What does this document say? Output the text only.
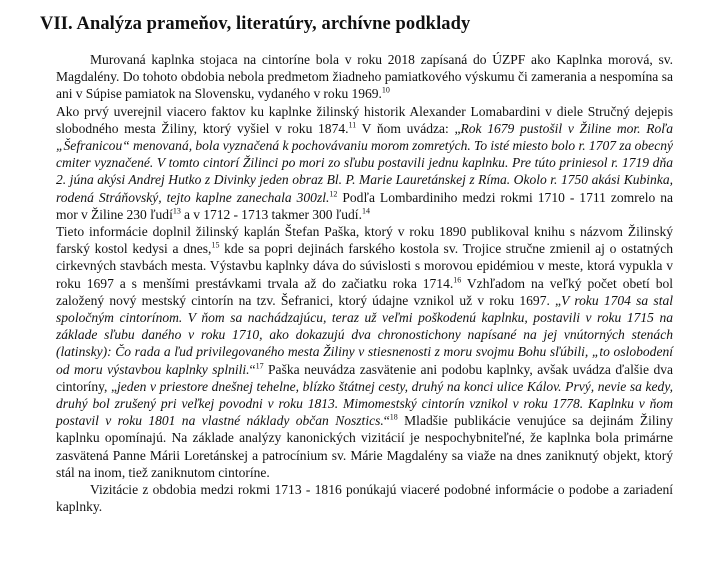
VII. Analýza prameňov, literatúry, archívne podklady

Murovaná kaplnka stojaca na cintoríne bola v roku 2018 zapísaná do ÚZPF ako Kaplnka morová, sv. Magdalény. Do tohoto obdobia nebola predmetom žiadneho pamiatkového výskumu či zamerania a nespomína sa ani v Súpise pamiatok na Slovensku, vydaného v roku 1969.10

Ako prvý uverejnil viacero faktov ku kaplnke žilinský historik Alexander Lomabardini v diele Stručný dejepis slobodného mesta Žiliny, ktorý vyšiel v roku 1874.11 V ňom uvádza: „Rok 1679 pustošil v Žiline mor. Roľa „Šefranicou“ menovaná, bola vyznačená k pochovávaniu morom zomretých. To isté miesto bolo r. 1707 za obecný cmiter vyznačené. V tomto cintorí Žilinci po mori zo sľubu postavili jednu kaplnku. Pre túto priniesol r. 1719 dňa 2. júna akýsi Andrej Hutko z Divinky jeden obraz Bl. P. Marie Lauretánskej z Ríma. Okolo r. 1750 akási Kubinka, rodená Stráňovský, tejto kaplne zanechala 300zl.$^{12}$ Podľa Lombardiniho medzi rokmi 1710 - 1711 zomrelo na mor v Žiline 230 ľudí$^{13}$ a v 1712 - 1713 takmer 300 ľudí.$^{14}$

Tieto informácie doplnil žilinský kaplán Štefan Paška, ktorý v roku 1890 publikoval knihu s názvom Žilinský farský kostol kedysi a dnes,$^{15}$ kde sa popri dejinách farského kostola sv. Trojice stručne zmienil aj o ostatných cirkevných stavbách mesta. Výstavbu kaplnky dáva do súvislosti s morovou epidémiou v meste, ktorá vypukla v roku 1697 a s menšími prestávkami trvala až do začiatku roka 1714.16 Vzhľadom na veľký počet obetí bol založený nový mestský cintorín na tzv. Šefranici, ktorý údajne vznikol už v roku 1697. „V roku 1704 sa stal spoločným cintorínom. V ňom sa nachádzajúcu, teraz už veľmi poškodenú kaplnku, postavili v roku 1715 na základe sľubu daného v roku 1710, ako dokazujú dva chronostichony napísané na jej vnútorných stenách (latinsky): Čo rada a ľud privilegovaného mesta Žiliny v stiesnenosti z moru svojmu Bohu sľúbili, „to oslobodení od moru výstavbou kaplnky splnili.“$^{17}$ Paška neuvádza zasvätenie ani podobu kaplnky, avšak uvádza ďalšie dva cintoríny, „jeden v priestore dnešnej tehelne, blízko štátnej cesty, druhý na konci ulice Kálov. Prvý, nevie sa kedy, druhý bol zrušený pri veľkej povodni v roku 1813. Mimomestský cintorín vznikol v roku 1778. Kaplnku v ňom postavil v roku 1801 na vlastné náklady občan Nosztics.“$^{18}$ Mladšie publikácie venujúce sa dejinám Žiliny kaplnku opomínajú. Na základe analýzy kanonických vizitácií je nespochybniteľné, že kaplnka bola primárne zasvätená Panne Márii Loretánskej a patrocínium sv. Márie Magdalény sa viaže na dnes zaniknutý objekt, ktorý stál na inom, tiež zaniknutom cintoríne.

Vizitácie z obdobia medzi rokmi 1713 - 1816 ponúkajú viaceré podobné informácie o podobe a zariadení kaplnky.
